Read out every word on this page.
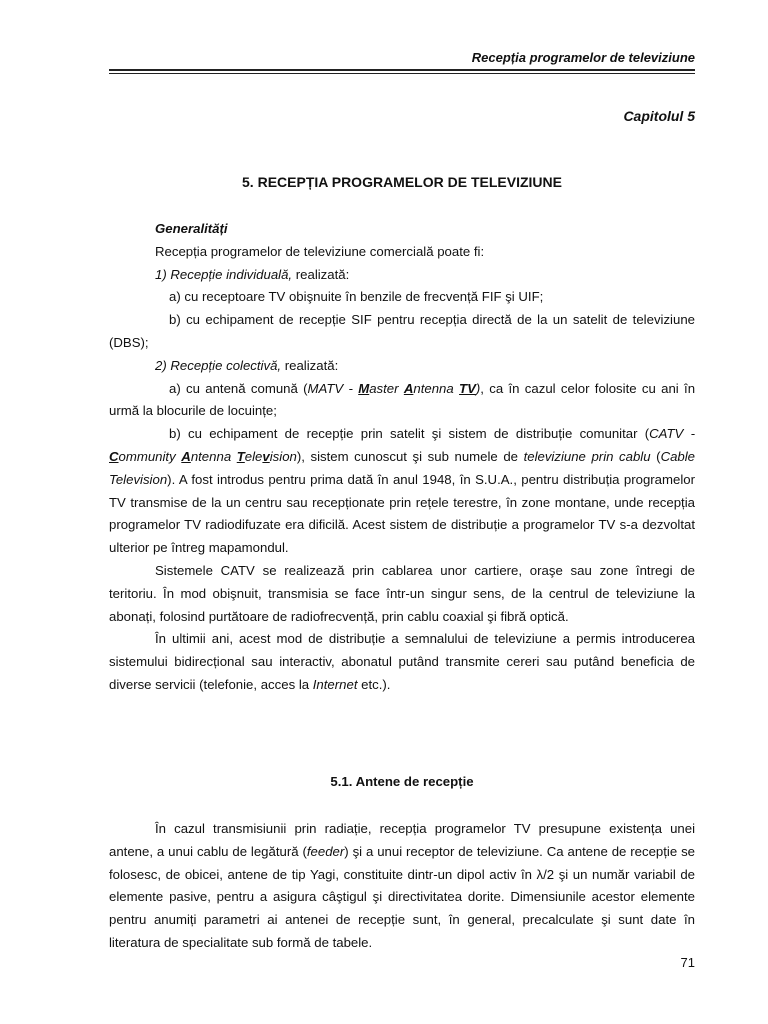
Recepția programelor de televiziune
Capitolul 5
5. RECEPȚIA PROGRAMELOR DE TELEVIZIUNE

Generalități

Recepția programelor de televiziune comercială poate fi:

1) Recepție individuală, realizată:

a) cu receptoare TV obişnuite în benzile de frecvență FIF şi UIF;

b) cu echipament de recepție SIF pentru recepția directă de la un satelit de televiziune (DBS);

2) Recepție colectivă, realizată:

a) cu antenă comună (MATV - Master Antenna TV), ca în cazul celor folosite cu ani în urmă la blocurile de locuințe;

b) cu echipament de recepție prin satelit şi sistem de distribuție comunitar (CATV - Community Antenna Television), sistem cunoscut şi sub numele de televiziune prin cablu (Cable Television). A fost introdus pentru prima dată în anul 1948, în S.U.A., pentru distribuția programelor TV transmise de la un centru sau recepționate prin rețele terestre, în zone montane, unde recepția programelor TV radiodifuzate era dificilă. Acest sistem de distribuție a programelor TV s-a dezvoltat ulterior pe întreg mapamondul.

Sistemele CATV se realizează prin cablarea unor cartiere, oraşe sau zone întregi de teritoriu. În mod obişnuit, transmisia se face într-un singur sens, de la centrul de televiziune la abonați, folosind purtătoare de radiofrecvență, prin cablu coaxial şi fibră optică.

În ultimii ani, acest mod de distribuție a semnalului de televiziune a permis introducerea sistemului bidirecțional sau interactiv, abonatul putând transmite cereri sau putând beneficia de diverse servicii (telefonie, acces la Internet etc.).

5.1. Antene de recepție

În cazul transmisiunii prin radiație, recepția programelor TV presupune existența unei antene, a unui cablu de legătură (feeder) şi a unui receptor de televiziune. Ca antene de recepție se folosesc, de obicei, antene de tip Yagi, constituite dintr-un dipol activ în λ/2 şi un număr variabil de elemente pasive, pentru a asigura câştigul şi directivitatea dorite. Dimensiunile acestor elemente pentru anumiți parametri ai antenei de recepție sunt, în general, precalculate şi sunt date în literatura de specialitate sub formă de tabele.

71
